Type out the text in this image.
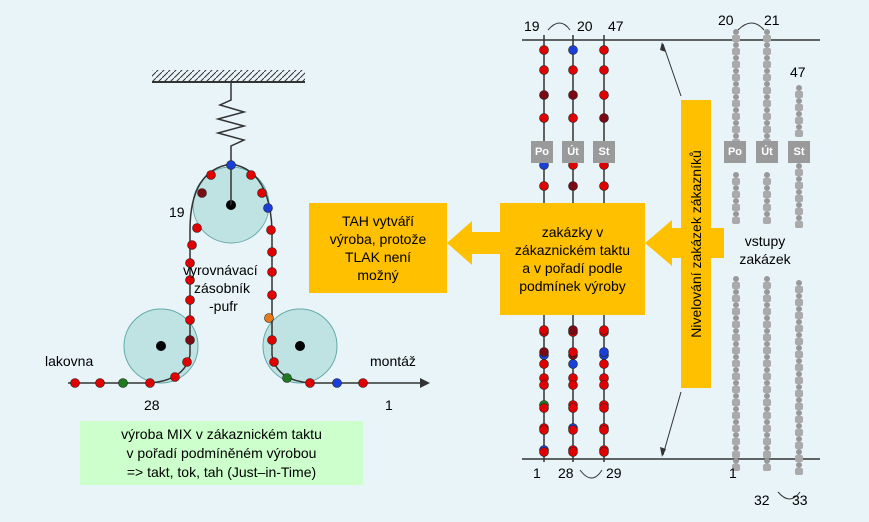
Po	Út	St	Po	Út	St
TAH vytváří výroba, protože TLAK není možný
zakázky v zákaznickém taktu a v pořadí podle podmínek výroby
vstupy zakázek
Nivelování zakázek zákazníků
vyrovnávací
zásobník
-pufr
19
lakovna	montáž
28	1
výroba MIX v zákaznickém taktu
v pořadí podmíněném výrobou
=> takt, tok, tah (Just–in-Time)
19	20 47
1 28 29
20 21
47
1
32 33
